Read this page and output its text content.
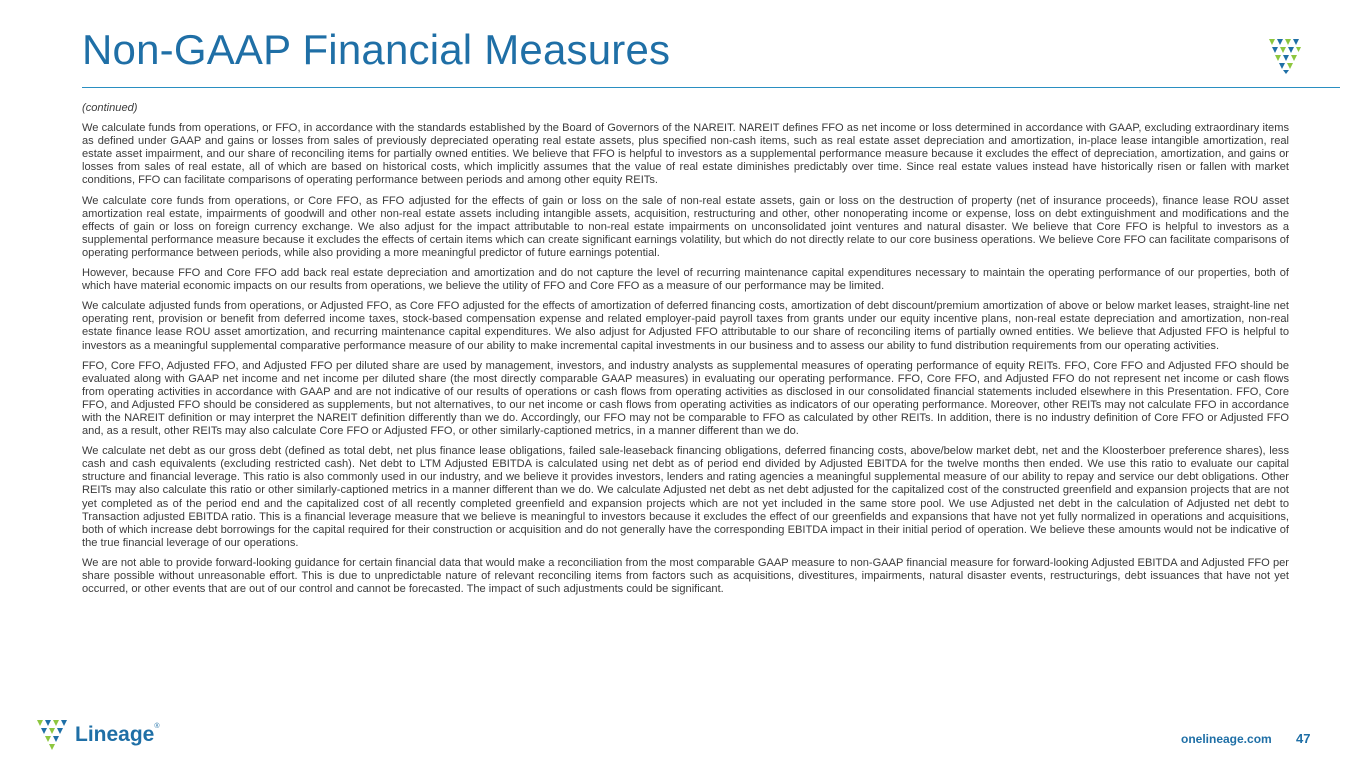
Non-GAAP Financial Measures

(continued)

We calculate funds from operations, or FFO, in accordance with the standards established by the Board of Governors of the NAREIT. NAREIT defines FFO as net income or loss determined in accordance with GAAP, excluding extraordinary items as defined under GAAP and gains or losses from sales of previously depreciated operating real estate assets, plus specified non-cash items, such as real estate asset depreciation and amortization, in-place lease intangible amortization, real estate asset impairment, and our share of reconciling items for partially owned entities. We believe that FFO is helpful to investors as a supplemental performance measure because it excludes the effect of depreciation, amortization, and gains or losses from sales of real estate, all of which are based on historical costs, which implicitly assumes that the value of real estate diminishes predictably over time. Since real estate values instead have historically risen or fallen with market conditions, FFO can facilitate comparisons of operating performance between periods and among other equity REITs.

We calculate core funds from operations, or Core FFO, as FFO adjusted for the effects of gain or loss on the sale of non-real estate assets, gain or loss on the destruction of property (net of insurance proceeds), finance lease ROU asset amortization real estate, impairments of goodwill and other non-real estate assets including intangible assets, acquisition, restructuring and other, other nonoperating income or expense, loss on debt extinguishment and modifications and the effects of gain or loss on foreign currency exchange. We also adjust for the impact attributable to non-real estate impairments on unconsolidated joint ventures and natural disaster. We believe that Core FFO is helpful to investors as a supplemental performance measure because it excludes the effects of certain items which can create significant earnings volatility, but which do not directly relate to our core business operations. We believe Core FFO can facilitate comparisons of operating performance between periods, while also providing a more meaningful predictor of future earnings potential.

However, because FFO and Core FFO add back real estate depreciation and amortization and do not capture the level of recurring maintenance capital expenditures necessary to maintain the operating performance of our properties, both of which have material economic impacts on our results from operations, we believe the utility of FFO and Core FFO as a measure of our performance may be limited.

We calculate adjusted funds from operations, or Adjusted FFO, as Core FFO adjusted for the effects of amortization of deferred financing costs, amortization of debt discount/premium amortization of above or below market leases, straight-line net operating rent, provision or benefit from deferred income taxes, stock-based compensation expense and related employer-paid payroll taxes from grants under our equity incentive plans, non-real estate depreciation and amortization, non-real estate finance lease ROU asset amortization, and recurring maintenance capital expenditures. We also adjust for Adjusted FFO attributable to our share of reconciling items of partially owned entities. We believe that Adjusted FFO is helpful to investors as a meaningful supplemental comparative performance measure of our ability to make incremental capital investments in our business and to assess our ability to fund distribution requirements from our operating activities.

FFO, Core FFO, Adjusted FFO, and Adjusted FFO per diluted share are used by management, investors, and industry analysts as supplemental measures of operating performance of equity REITs. FFO, Core FFO and Adjusted FFO should be evaluated along with GAAP net income and net income per diluted share (the most directly comparable GAAP measures) in evaluating our operating performance. FFO, Core FFO, and Adjusted FFO do not represent net income or cash flows from operating activities in accordance with GAAP and are not indicative of our results of operations or cash flows from operating activities as disclosed in our consolidated financial statements included elsewhere in this Presentation. FFO, Core FFO, and Adjusted FFO should be considered as supplements, but not alternatives, to our net income or cash flows from operating activities as indicators of our operating performance. Moreover, other REITs may not calculate FFO in accordance with the NAREIT definition or may interpret the NAREIT definition differently than we do. Accordingly, our FFO may not be comparable to FFO as calculated by other REITs. In addition, there is no industry definition of Core FFO or Adjusted FFO and, as a result, other REITs may also calculate Core FFO or Adjusted FFO, or other similarly-captioned metrics, in a manner different than we do.

We calculate net debt as our gross debt (defined as total debt, net plus finance lease obligations, failed sale-leaseback financing obligations, deferred financing costs, above/below market debt, net and the Kloosterboer preference shares), less cash and cash equivalents (excluding restricted cash). Net debt to LTM Adjusted EBITDA is calculated using net debt as of period end divided by Adjusted EBITDA for the twelve months then ended. We use this ratio to evaluate our capital structure and financial leverage. This ratio is also commonly used in our industry, and we believe it provides investors, lenders and rating agencies a meaningful supplemental measure of our ability to repay and service our debt obligations. Other REITs may also calculate this ratio or other similarly-captioned metrics in a manner different than we do. We calculate Adjusted net debt as net debt adjusted for the capitalized cost of the constructed greenfield and expansion projects that are not yet completed as of the period end and the capitalized cost of all recently completed greenfield and expansion projects which are not yet included in the same store pool. We use Adjusted net debt in the calculation of Adjusted net debt to Transaction adjusted EBITDA ratio. This is a financial leverage measure that we believe is meaningful to investors because it excludes the effect of our greenfields and expansions that have not yet fully normalized in operations and acquisitions, both of which increase debt borrowings for the capital required for their construction or acquisition and do not generally have the corresponding EBITDA impact in their initial period of operation. We believe these amounts would not be indicative of the true financial leverage of our operations.

We are not able to provide forward-looking guidance for certain financial data that would make a reconciliation from the most comparable GAAP measure to non-GAAP financial measure for forward-looking Adjusted EBITDA and Adjusted FFO per share possible without unreasonable effort. This is due to unpredictable nature of relevant reconciling items from factors such as acquisitions, divestitures, impairments, natural disaster events, restructurings, debt issuances that have not yet occurred, or other events that are out of our control and cannot be forecasted. The impact of such adjustments could be significant.

Lineage®
onelineage.com 47
